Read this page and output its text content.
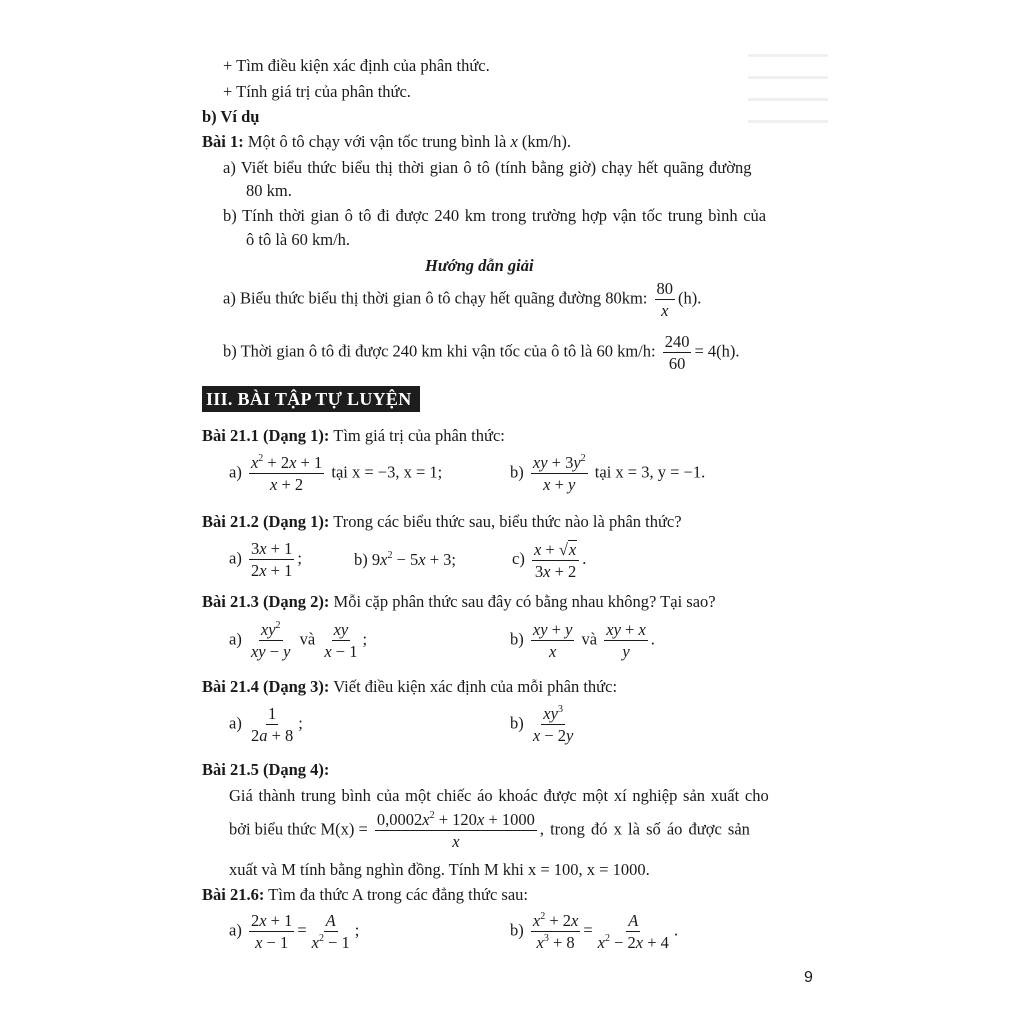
+ Tìm điều kiện xác định của phân thức.
+ Tính giá trị của phân thức.
b) Ví dụ
Bài 1: Một ô tô chạy với vận tốc trung bình là x (km/h).
a) Viết biểu thức biểu thị thời gian ô tô (tính bằng giờ) chạy hết quãng đường
80 km.
b) Tính thời gian ô tô đi được 240 km trong trường hợp vận tốc trung bình của
ô tô là 60 km/h.
Hướng dẫn giải
a) Biểu thức biểu thị thời gian ô tô chạy hết quãng đường 80km: $\frac{80}{x} (h)$.
b) Thời gian ô tô đi được 240 km khi vận tốc của ô tô là 60 km/h: $\frac{240}{60} = 4(h)$.
III. BÀI TẬP TỰ LUYỆN
Bài 21.1 (Dạng 1): Tìm giá trị của phân thức:
$a) \frac{x^2 + 2x + 1}{x + 2}$ tại x = −3, x = 1;	$b) \frac{xy + 3y^2}{x + y}$ tại x = 3, y = −1.
Bài 21.2 (Dạng 1): Trong các biểu thức sau, biểu thức nào là phân thức?
$a) \frac{3x + 1}{2x + 1}$ ;	b) $9x^2 - 5x + 3$;	$c) \frac{x + √ x}{3x + 2}$ .
Bài 21.3 (Dạng 2): Mỗi cặp phân thức sau đây có bằng nhau không? Tại sao?
$a) \frac{xy^2}{xy - y}$ và $\frac{xy}{x - 1}$ ;	$b) \frac{xy + y}{x}$ và $\frac{xy + x}{y}$ .
Bài 21.4 (Dạng 3): Viết điều kiện xác định của mỗi phân thức:
$a) \frac{1}{2a + 8}$ ;	$b) \frac{xy^3}{x - 2y}$
Bài 21.5 (Dạng 4):
Giá thành trung bình của một chiếc áo khoác được một xí nghiệp sản xuất cho
bởi biểu thức $M(x) = \frac{0,0002x^2 + 120x + 1000}{x}$ , trong đó x là số áo được sản
xuất và M tính bằng nghìn đồng. Tính M khi x = 100, x = 1000.
Bài 21.6: Tìm đa thức A trong các đẳng thức sau:
$a) \frac{2x + 1}{x - 1} = \frac{A}{x^2 - 1}$ ;	$b) \frac{x^2 + 2x}{x^3 + 8} = \frac{A}{x^2 - 2x + 4}$ .
9
